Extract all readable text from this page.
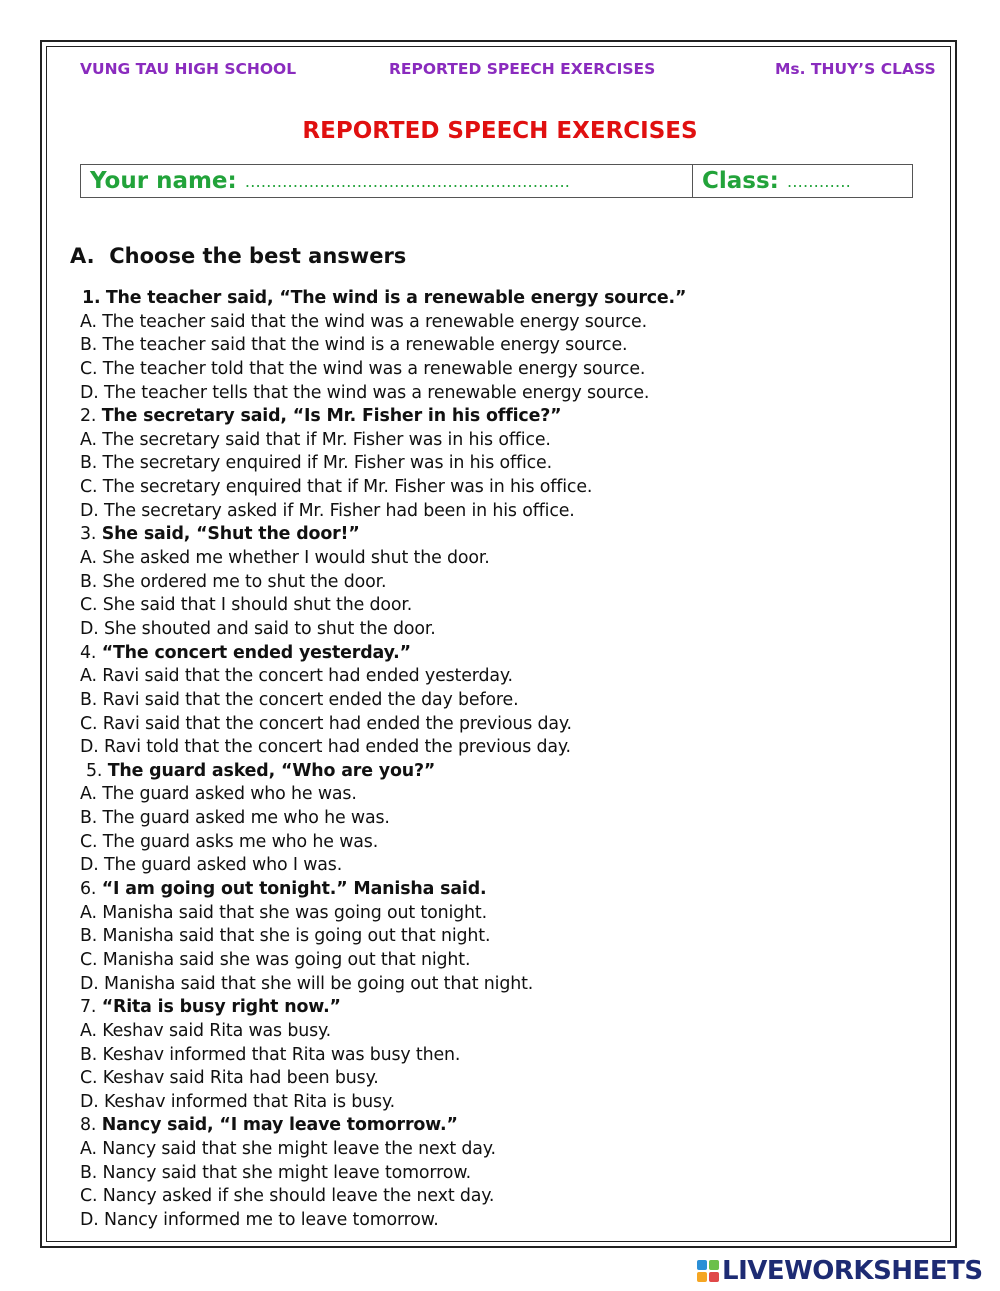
VUNG TAU HIGH SCHOOL	REPORTED SPEECH EXERCISES	Ms. THUY’S CLASS
REPORTED SPEECH EXERCISES
Your name: …………………………………………………….	Class: …………
A. Choose the best answers
1. The teacher said, “The wind is a renewable energy source.”
A. The teacher said that the wind was a renewable energy source.
B. The teacher said that the wind is a renewable energy source.
C. The teacher told that the wind was a renewable energy source.
D. The teacher tells that the wind was a renewable energy source.
2. The secretary said, “Is Mr. Fisher in his office?”
A. The secretary said that if Mr. Fisher was in his office.
B. The secretary enquired if Mr. Fisher was in his office.
C. The secretary enquired that if Mr. Fisher was in his office.
D. The secretary asked if Mr. Fisher had been in his office.
3. She said, “Shut the door!”
A. She asked me whether I would shut the door.
B. She ordered me to shut the door.
C. She said that I should shut the door.
D. She shouted and said to shut the door.
4. “The concert ended yesterday.”
A. Ravi said that the concert had ended yesterday.
B. Ravi said that the concert ended the day before.
C. Ravi said that the concert had ended the previous day.
D. Ravi told that the concert had ended the previous day.
5. The guard asked, “Who are you?”
A. The guard asked who he was.
B. The guard asked me who he was.
C. The guard asks me who he was.
D. The guard asked who I was.
6. “I am going out tonight.” Manisha said.
A. Manisha said that she was going out tonight.
B. Manisha said that she is going out that night.
C. Manisha said she was going out that night.
D. Manisha said that she will be going out that night.
7. “Rita is busy right now.”
A. Keshav said Rita was busy.
B. Keshav informed that Rita was busy then.
C. Keshav said Rita had been busy.
D. Keshav informed that Rita is busy.
8. Nancy said, “I may leave tomorrow.”
A. Nancy said that she might leave the next day.
B. Nancy said that she might leave tomorrow.
C. Nancy asked if she should leave the next day.
D. Nancy informed me to leave tomorrow.
LIVEWORKSHEETS
